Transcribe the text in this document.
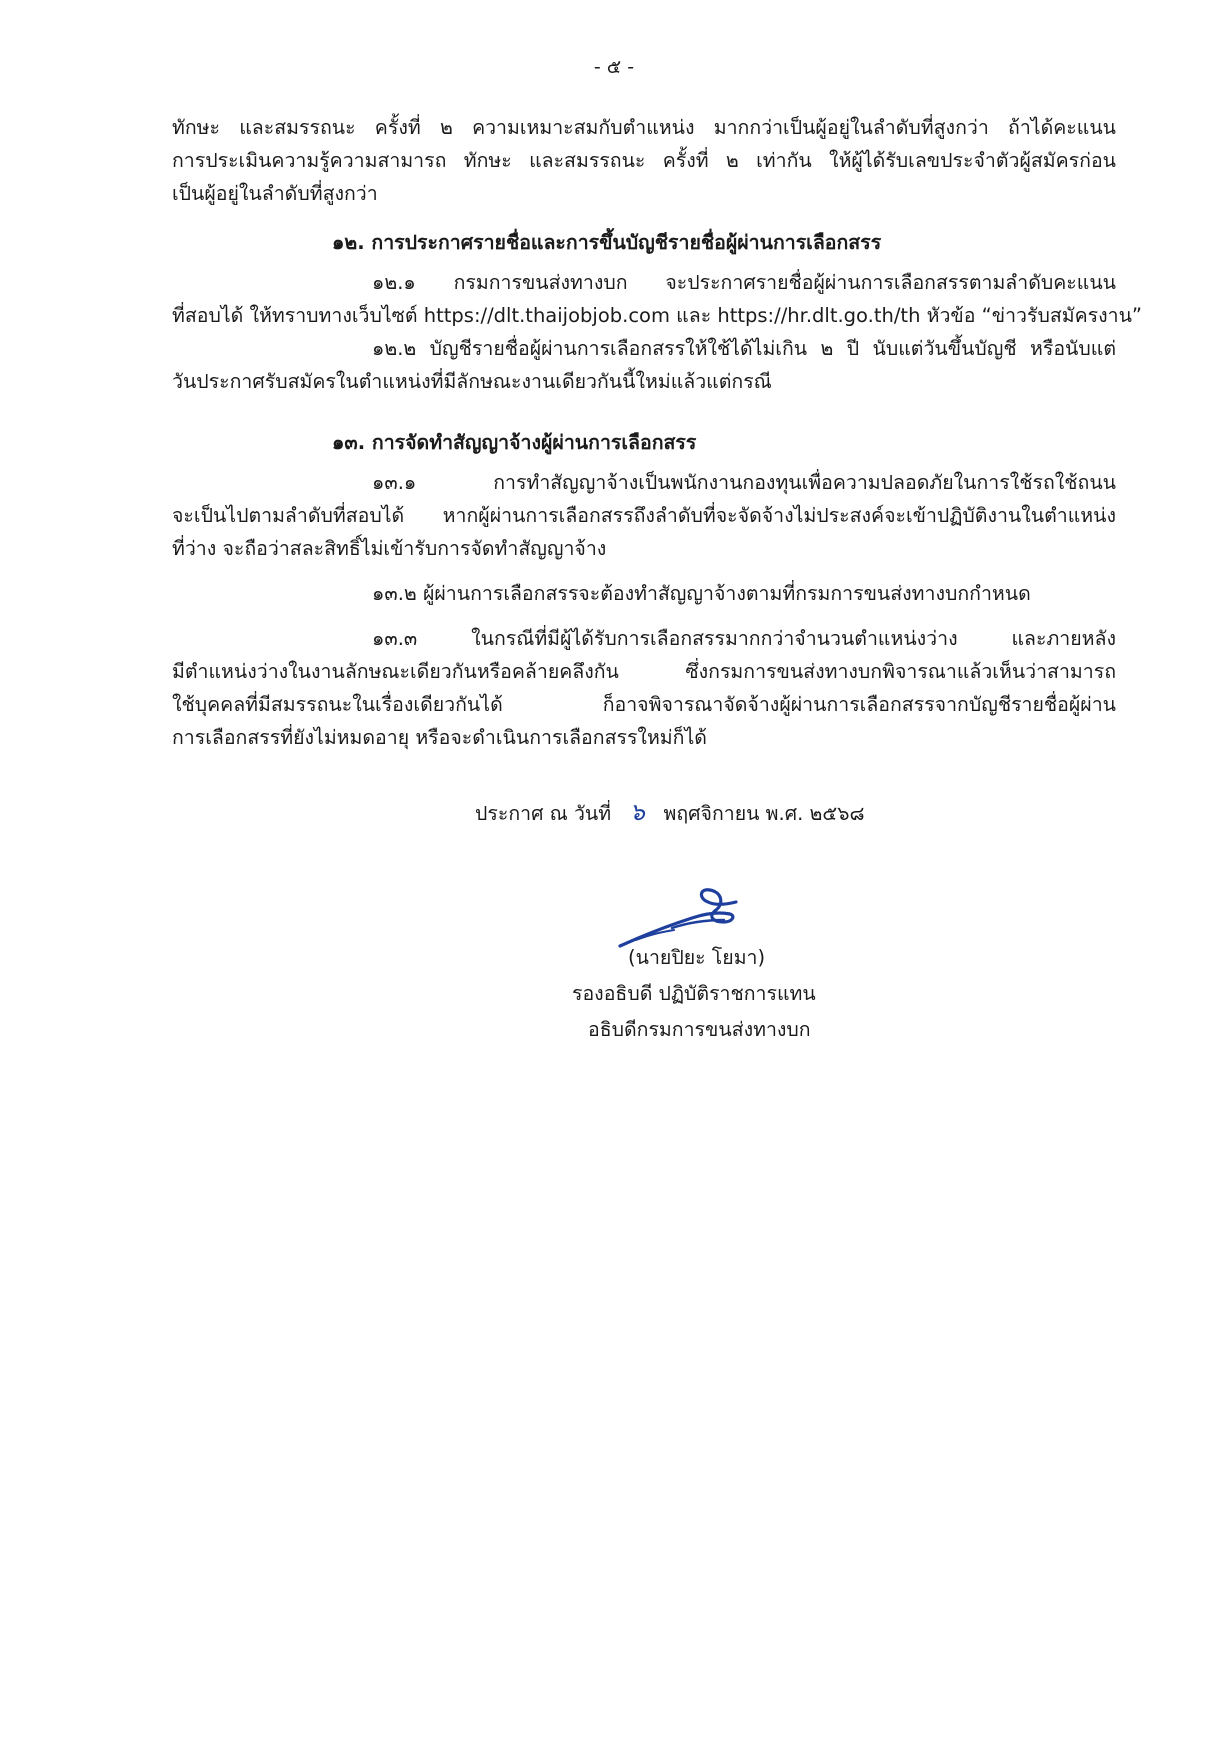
- ๕ -
ทักษะ และสมรรถนะ ครั้งที่ ๒ ความเหมาะสมกับตำแหน่ง มากกว่าเป็นผู้อยู่ในลำดับที่สูงกว่า ถ้าได้คะแนน
การประเมินความรู้ความสามารถ ทักษะ และสมรรถนะ ครั้งที่ ๒ เท่ากัน ให้ผู้ได้รับเลขประจำตัวผู้สมัครก่อน
เป็นผู้อยู่ในลำดับที่สูงกว่า
๑๒. การประกาศรายชื่อและการขึ้นบัญชีรายชื่อผู้ผ่านการเลือกสรร
๑๒.๑ กรมการขนส่งทางบก จะประกาศรายชื่อผู้ผ่านการเลือกสรรตามลำดับคะแนน
ที่สอบได้ ให้ทราบทางเว็บไซต์ https://dlt.thaijobjob.com และ https://hr.dlt.go.th/th หัวข้อ “ข่าวรับสมัครงาน”
๑๒.๒ บัญชีรายชื่อผู้ผ่านการเลือกสรรให้ใช้ได้ไม่เกิน ๒ ปี นับแต่วันขึ้นบัญชี หรือนับแต่
วันประกาศรับสมัครในตำแหน่งที่มีลักษณะงานเดียวกันนี้ใหม่แล้วแต่กรณี
๑๓. การจัดทำสัญญาจ้างผู้ผ่านการเลือกสรร
๑๓.๑ การทำสัญญาจ้างเป็นพนักงานกองทุนเพื่อความปลอดภัยในการใช้รถใช้ถนน
จะเป็นไปตามลำดับที่สอบได้ หากผู้ผ่านการเลือกสรรถึงลำดับที่จะจัดจ้างไม่ประสงค์จะเข้าปฏิบัติงานในตำแหน่ง
ที่ว่าง จะถือว่าสละสิทธิ์ไม่เข้ารับการจัดทำสัญญาจ้าง
๑๓.๒ ผู้ผ่านการเลือกสรรจะต้องทำสัญญาจ้างตามที่กรมการขนส่งทางบกกำหนด
๑๓.๓ ในกรณีที่มีผู้ได้รับการเลือกสรรมากกว่าจำนวนตำแหน่งว่าง และภายหลัง
มีตำแหน่งว่างในงานลักษณะเดียวกันหรือคล้ายคลึงกัน ซึ่งกรมการขนส่งทางบกพิจารณาแล้วเห็นว่าสามารถ
ใช้บุคคลที่มีสมรรถนะในเรื่องเดียวกันได้ ก็อาจพิจารณาจัดจ้างผู้ผ่านการเลือกสรรจากบัญชีรายชื่อผู้ผ่าน
การเลือกสรรที่ยังไม่หมดอายุ หรือจะดำเนินการเลือกสรรใหม่ก็ได้
ประกาศ ณ วันที่ ๖ พฤศจิกายน พ.ศ. ๒๕๖๘
(นายปิยะ โยมา)
รองอธิบดี ปฏิบัติราชการแทน
อธิบดีกรมการขนส่งทางบก
